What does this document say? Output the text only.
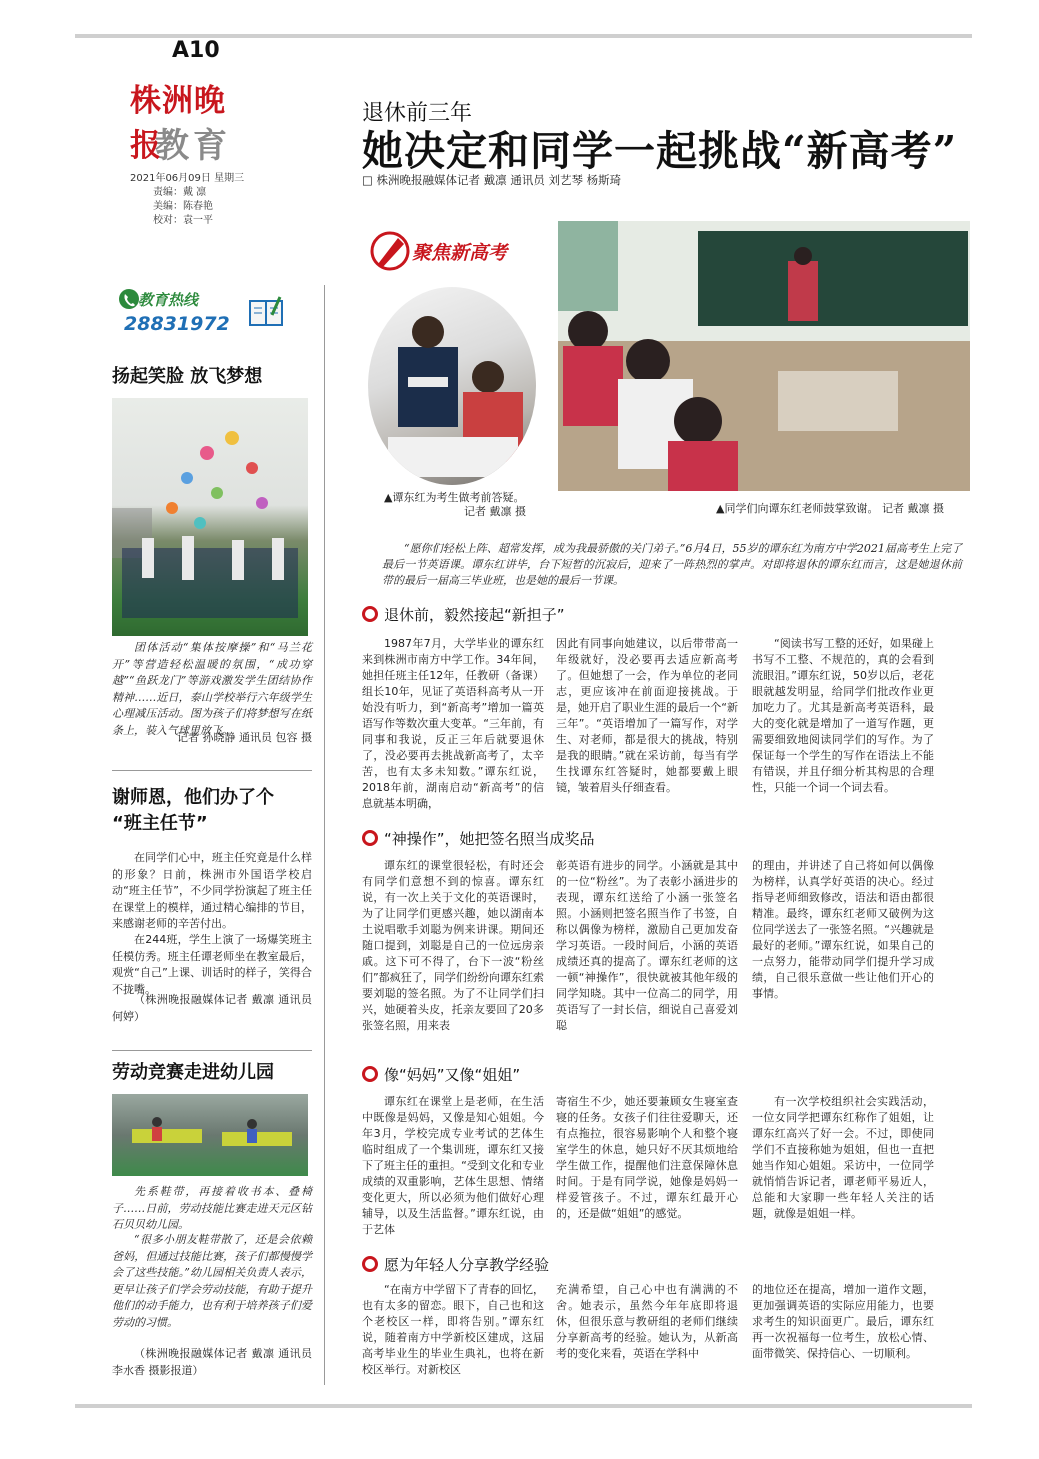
A10
株洲晚报
教育
2021年06月09日 星期三
责编：戴 凛
美编：陈春艳
校对：袁一平
教育热线
28831972
扬起笑脸 放飞梦想
团体活动“集体按摩操”和“马兰花开”等营造轻松温暖的氛围，“成功穿越”“鱼跃龙门”等游戏激发学生团结协作精神……近日，泰山学校举行六年级学生心理减压活动。图为孩子们将梦想写在纸条上，装入气球里放飞。
记者 孙晓静 通讯员 包容 摄
谢师恩，他们办了个
“班主任节”
在同学们心中，班主任究竟是什么样的形象？日前，株洲市外国语学校启动“班主任节”，不少同学扮演起了班主任在课堂上的模样，通过精心编排的节目，来感谢老师的辛苦付出。
在244班，学生上演了一场爆笑班主任模仿秀。班主任谭老师坐在教室最后，观赏“自己”上课、训话时的样子，笑得合不拢嘴。
（株洲晚报融媒体记者 戴凛 通讯员 何婷）
劳动竞赛走进幼儿园
先系鞋带，再接着收书本、叠椅子……日前，劳动技能比赛走进天元区钻石贝贝幼儿园。
“很多小朋友鞋带散了，还是会依赖爸妈，但通过技能比赛，孩子们都慢慢学会了这些技能。”幼儿园相关负责人表示，更早让孩子们学会劳动技能，有助于提升他们的动手能力，也有利于培养孩子们爱劳动的习惯。
（株洲晚报融媒体记者 戴凛 通讯员 李水香 摄影报道）
退休前三年
她决定和同学一起挑战“新高考”
□ 株洲晚报融媒体记者 戴凛 通讯员 刘艺琴 杨斯琦
聚焦新高考
▲谭东红为考生做考前答疑。
记者 戴凛 摄	▲同学们向谭东红老师鼓掌致谢。 记者 戴凛 摄
“愿你们轻松上阵、超常发挥，成为我最骄傲的关门弟子。”6月4日，55岁的谭东红为南方中学2021届高考生上完了最后一节英语课。谭东红讲毕，台下短暂的沉寂后，迎来了一阵热烈的掌声。对即将退休的谭东红而言，这是她退休前带的最后一届高三毕业班，也是她的最后一节课。
退休前，毅然接起“新担子”
1987年7月，大学毕业的谭东红来到株洲市南方中学工作。34年间，她担任班主任12年，任教研（备课）组长10年，见证了英语科高考从一开始没有听力，到“新高考”增加一篇英语写作等数次重大变革。“三年前，有同事和我说，反正三年后就要退休了，没必要再去挑战新高考了，太辛苦，也有太多未知数。”谭东红说，2018年前，湖南启动“新高考”的信息就基本明确，
因此有同事向她建议，以后带带高一年级就好，没必要再去适应新高考了。但她想了一会，作为单位的老同志，更应该冲在前面迎接挑战。于是，她开启了职业生涯的最后一个“新三年”。“英语增加了一篇写作，对学生、对老师，都是很大的挑战，特别是我的眼睛。”就在采访前，每当有学生找谭东红答疑时，她都要戴上眼镜，皱着眉头仔细查看。
“阅读书写工整的还好，如果碰上书写不工整、不规范的，真的会看到流眼泪。”谭东红说，50岁以后，老花眼就越发明显，给同学们批改作业更加吃力了。尤其是新高考英语科，最大的变化就是增加了一道写作题，更需要细致地阅读同学们的写作。为了保证每一个学生的写作在语法上不能有错误，并且仔细分析其构思的合理性，只能一个词一个词去看。
“神操作”，她把签名照当成奖品
谭东红的课堂很轻松，有时还会有同学们意想不到的惊喜。谭东红说，有一次上关于文化的英语课时，为了让同学们更感兴趣，她以湖南本土说唱歌手刘聪为例来讲课。期间还随口提到，刘聪是自己的一位远房亲戚。这下可不得了，台下一波“粉丝们”都疯狂了，同学们纷纷向谭东红索要刘聪的签名照。为了不让同学们扫兴，她硬着头皮，托亲友要回了20多张签名照，用来表
彰英语有进步的同学。小涵就是其中的一位“粉丝”。为了表彰小涵进步的表现，谭东红送给了小涵一张签名照。小涵则把签名照当作了书签，自称以偶像为榜样，激励自己更加发奋学习英语。一段时间后，小涵的英语成绩还真的提高了。谭东红老师的这一顿“神操作”，很快就被其他年级的同学知晓。其中一位高二的同学，用英语写了一封长信，细说自己喜爱刘聪
的理由，并讲述了自己将如何以偶像为榜样，认真学好英语的决心。经过指导老师细致修改，语法和语由都很精准。最终，谭东红老师又破例为这位同学送去了一张签名照。“兴趣就是最好的老师。”谭东红说，如果自己的一点努力，能带动同学们提升学习成绩，自己很乐意做一些让他们开心的事情。
像“妈妈”又像“姐姐”
谭东红在课堂上是老师，在生活中既像是妈妈，又像是知心姐姐。今年3月，学校完成专业考试的艺体生临时组成了一个集训班，谭东红又接下了班主任的重担。“受到文化和专业成绩的双重影响，艺体生思想、情绪变化更大，所以必须为他们做好心理辅导，以及生活监督。”谭东红说，由于艺体
寄宿生不少，她还要兼顾女生寝室查寝的任务。女孩子们往往爱聊天，还有点拖拉，很容易影响个人和整个寝室学生的休息，她只好不厌其烦地给学生做工作，提醒他们注意保障休息时间。于是有同学说，她像是妈妈一样爱管孩子。不过，谭东红最开心的，还是做“姐姐”的感觉。
有一次学校组织社会实践活动，一位女同学把谭东红称作了姐姐，让谭东红高兴了好一会。不过，即使同学们不直接称她为姐姐，但也一直把她当作知心姐姐。采访中，一位同学就悄悄告诉记者，谭老师平易近人，总能和大家聊一些年轻人关注的话题，就像是姐姐一样。
愿为年轻人分享教学经验
“在南方中学留下了青春的回忆，也有太多的留恋。眼下，自己也和这个老校区一样，即将告别。”谭东红说，随着南方中学新校区建成，这届高考毕业生的毕业生典礼，也将在新校区举行。对新校区
充满希望，自己心中也有满满的不舍。她表示，虽然今年年底即将退休，但很乐意与教研组的老师们继续分享新高考的经验。她认为，从新高考的变化来看，英语在学科中
的地位还在提高，增加一道作文题，更加强调英语的实际应用能力，也要求考生的知识面更广。最后，谭东红再一次祝福每一位考生，放松心情、面带微笑、保持信心、一切顺利。
